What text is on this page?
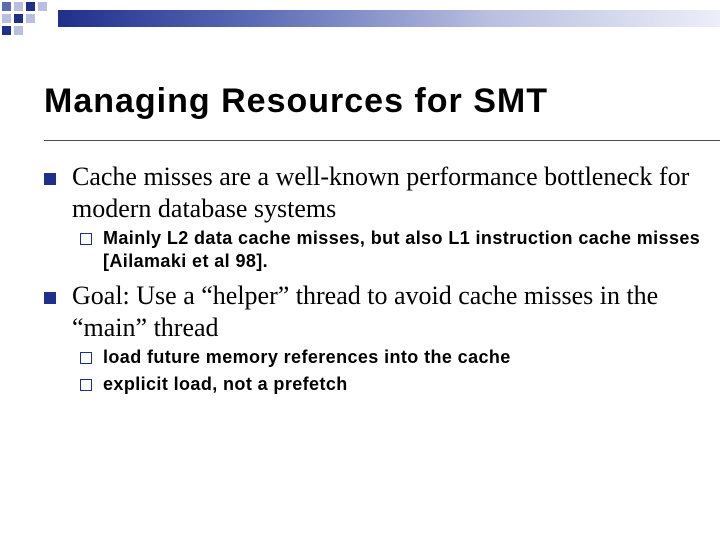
Managing Resources for SMT

Cache misses are a well-known performance bottleneck for modern database systems

Mainly L2 data cache misses, but also L1 instruction cache misses [Ailamaki et al 98].

Goal: Use a “helper” thread to avoid cache misses in the “main” thread

load future memory references into the cache

explicit load, not a prefetch
